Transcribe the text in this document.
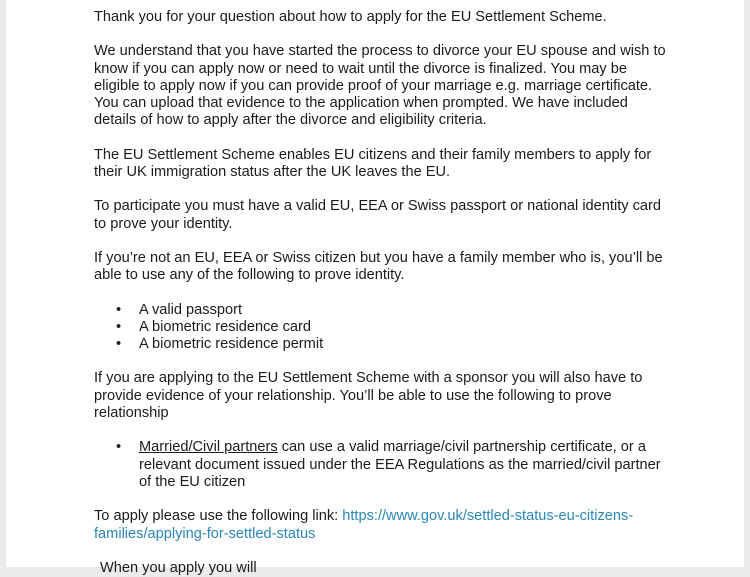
Thank you for your question about how to apply for the EU Settlement Scheme.

We understand that you have started the process to divorce your EU spouse and wish to know if you can apply now or need to wait until the divorce is finalized. You may be eligible to apply now if you can provide proof of your marriage e.g. marriage certificate. You can upload that evidence to the application when prompted. We have included details of how to apply after the divorce and eligibility criteria.

The EU Settlement Scheme enables EU citizens and their family members to apply for their UK immigration status after the UK leaves the EU.

To participate you must have a valid EU, EEA or Swiss passport or national identity card to prove your identity.

If you’re not an EU, EEA or Swiss citizen but you have a family member who is, you’ll be able to use any of the following to prove identity.

• A valid passport
• A biometric residence card
• A biometric residence permit

If you are applying to the EU Settlement Scheme with a sponsor you will also have to provide evidence of your relationship. You’ll be able to use the following to prove relationship

• Married/Civil partners can use a valid marriage/civil partnership certificate, or a relevant document issued under the EEA Regulations as the married/civil partner of the EU citizen

To apply please use the following link: https://www.gov.uk/settled-status-eu-citizens-families/applying-for-settled-status

When you apply you will
